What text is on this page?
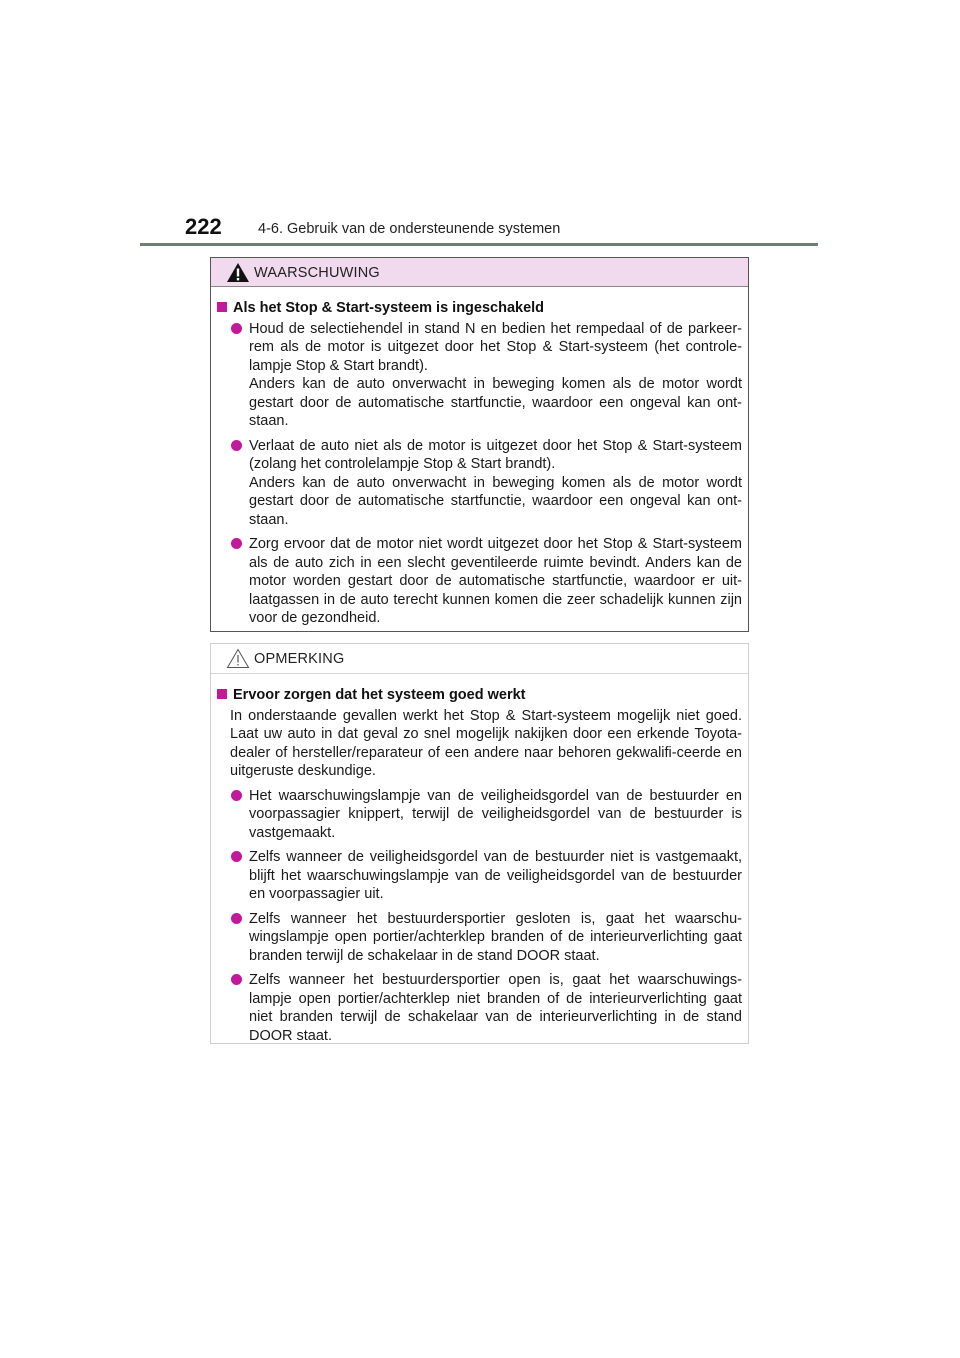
222	4-6. Gebruik van de ondersteunende systemen
WAARSCHUWING
Als het Stop & Start-systeem is ingeschakeld
Houd de selectiehendel in stand N en bedien het rempedaal of de parkeer-rem als de motor is uitgezet door het Stop & Start-systeem (het controle-lampje Stop & Start brandt).
Anders kan de auto onverwacht in beweging komen als de motor wordt gestart door de automatische startfunctie, waardoor een ongeval kan ont-staan.
Verlaat de auto niet als de motor is uitgezet door het Stop & Start-systeem (zolang het controlelampje Stop & Start brandt).
Anders kan de auto onverwacht in beweging komen als de motor wordt gestart door de automatische startfunctie, waardoor een ongeval kan ont-staan.
Zorg ervoor dat de motor niet wordt uitgezet door het Stop & Start-systeem als de auto zich in een slecht geventileerde ruimte bevindt. Anders kan de motor worden gestart door de automatische startfunctie, waardoor er uit-laatgassen in de auto terecht kunnen komen die zeer schadelijk kunnen zijn voor de gezondheid.
OPMERKING
Ervoor zorgen dat het systeem goed werkt
In onderstaande gevallen werkt het Stop & Start-systeem mogelijk niet goed. Laat uw auto in dat geval zo snel mogelijk nakijken door een erkende Toyota-dealer of hersteller/reparateur of een andere naar behoren gekwalifi-ceerde en uitgeruste deskundige.
Het waarschuwingslampje van de veiligheidsgordel van de bestuurder en voorpassagier knippert, terwijl de veiligheidsgordel van de bestuurder is vastgemaakt.
Zelfs wanneer de veiligheidsgordel van de bestuurder niet is vastgemaakt, blijft het waarschuwingslampje van de veiligheidsgordel van de bestuurder en voorpassagier uit.
Zelfs wanneer het bestuurdersportier gesloten is, gaat het waarschu-wingslampje open portier/achterklep branden of de interieurverlichting gaat branden terwijl de schakelaar in de stand DOOR staat.
Zelfs wanneer het bestuurdersportier open is, gaat het waarschuwings-lampje open portier/achterklep niet branden of de interieurverlichting gaat niet branden terwijl de schakelaar van de interieurverlichting in de stand DOOR staat.
